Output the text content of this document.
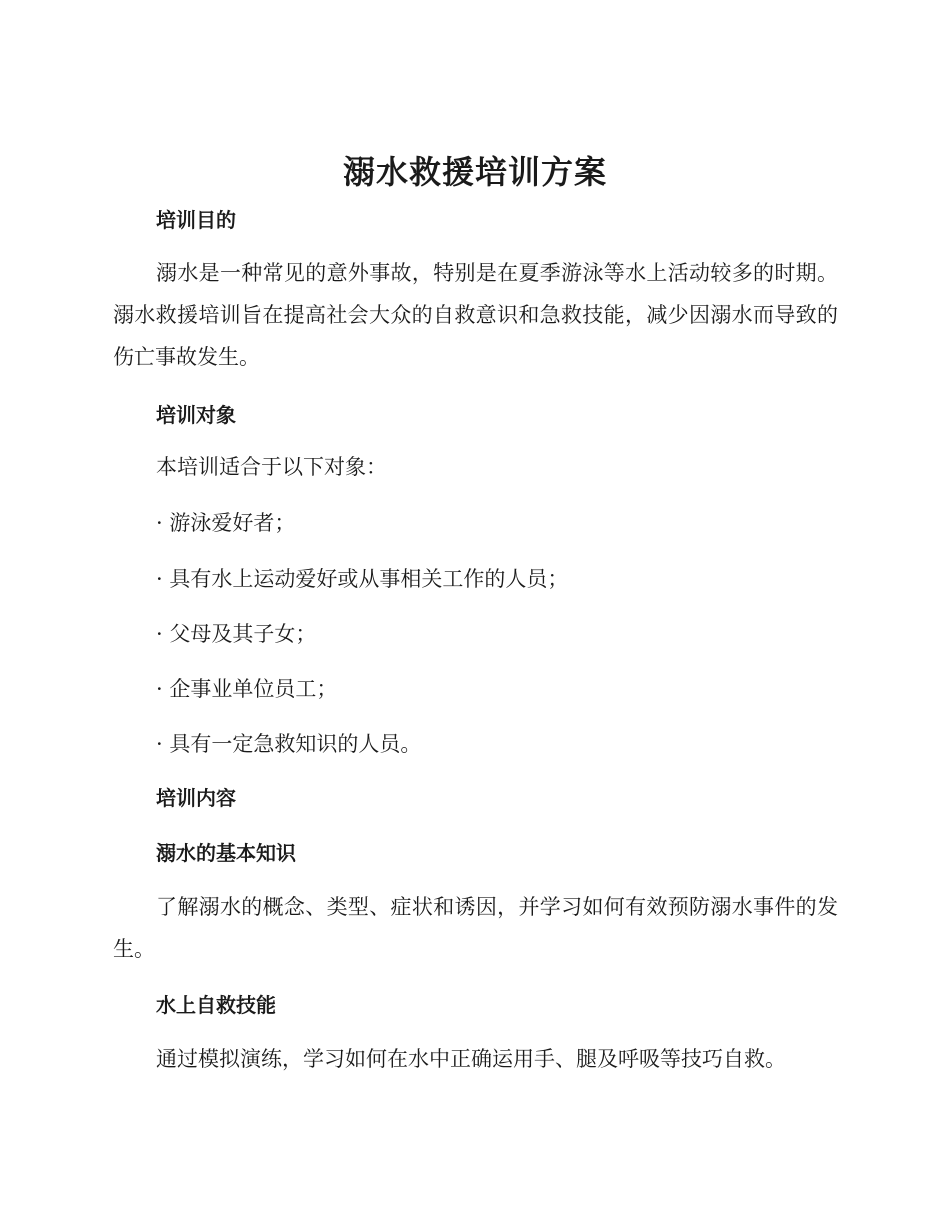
溺水救援培训方案
培训目的
溺水是一种常见的意外事故，特别是在夏季游泳等水上活动较多的时期。溺水救援培训旨在提高社会大众的自救意识和急救技能，减少因溺水而导致的伤亡事故发生。
培训对象
本培训适合于以下对象：
· 游泳爱好者；
· 具有水上运动爱好或从事相关工作的人员；
· 父母及其子女；
· 企事业单位员工；
· 具有一定急救知识的人员。
培训内容
溺水的基本知识
了解溺水的概念、类型、症状和诱因，并学习如何有效预防溺水事件的发生。
水上自救技能
通过模拟演练，学习如何在水中正确运用手、腿及呼吸等技巧自救。
